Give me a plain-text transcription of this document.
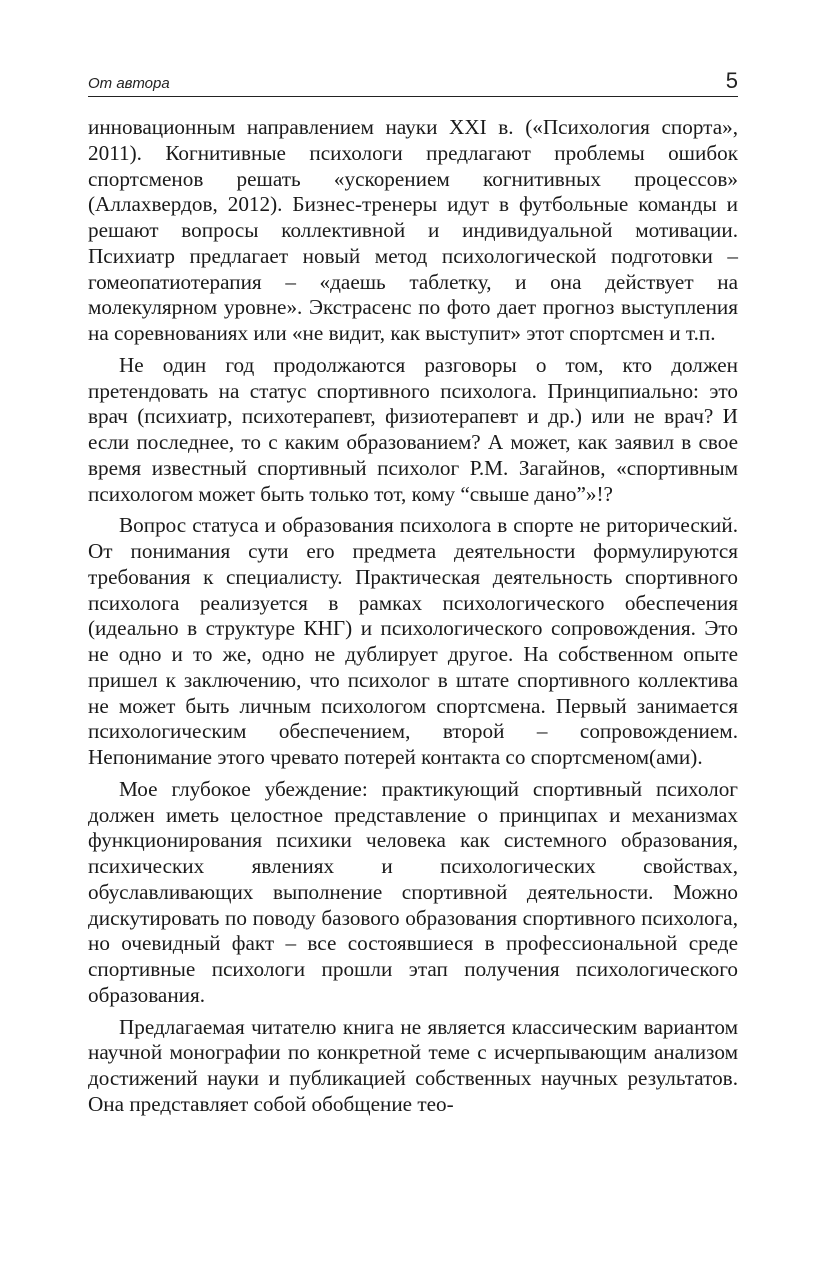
От автора	5

инновационным направлением науки XXI в. («Психология спорта», 2011). Когнитивные психологи предлагают проблемы ошибок спортсменов решать «ускорением когнитивных процессов» (Аллахвердов, 2012). Бизнес-тренеры идут в футбольные команды и решают вопросы коллективной и индивидуальной мотивации. Психиатр предлагает новый метод психологической подготовки – гомеопатиотерапия – «даешь таблетку, и она действует на молекулярном уровне». Экстрасенс по фото дает прогноз выступления на соревнованиях или «не видит, как выступит» этот спортсмен и т.п.

Не один год продолжаются разговоры о том, кто должен претендовать на статус спортивного психолога. Принципиально: это врач (психиатр, психотерапевт, физиотерапевт и др.) или не врач? И если последнее, то с каким образованием? А может, как заявил в свое время известный спортивный психолог Р.М. Загайнов, «спортивным психологом может быть только тот, кому “свыше дано”»!?

Вопрос статуса и образования психолога в спорте не риторический. От понимания сути его предмета деятельности формулируются требования к специалисту. Практическая деятельность спортивного психолога реализуется в рамках психологического обеспечения (идеально в структуре КНГ) и психологического сопровождения. Это не одно и то же, одно не дублирует другое. На собственном опыте пришел к заключению, что психолог в штате спортивного коллектива не может быть личным психологом спортсмена. Первый занимается психологическим обеспечением, второй – сопровождением. Непонимание этого чревато потерей контакта со спортсменом(ами).

Мое глубокое убеждение: практикующий спортивный психолог должен иметь целостное представление о принципах и механизмах функционирования психики человека как системного образования, психических явлениях и психологических свойствах, обуславливающих выполнение спортивной деятельности. Можно дискутировать по поводу базового образования спортивного психолога, но очевидный факт – все состоявшиеся в профессиональной среде спортивные психологи прошли этап получения психологического образования.

Предлагаемая читателю книга не является классическим вариантом научной монографии по конкретной теме с исчерпывающим анализом достижений науки и публикацией собственных научных результатов. Она представляет собой обобщение тео-
